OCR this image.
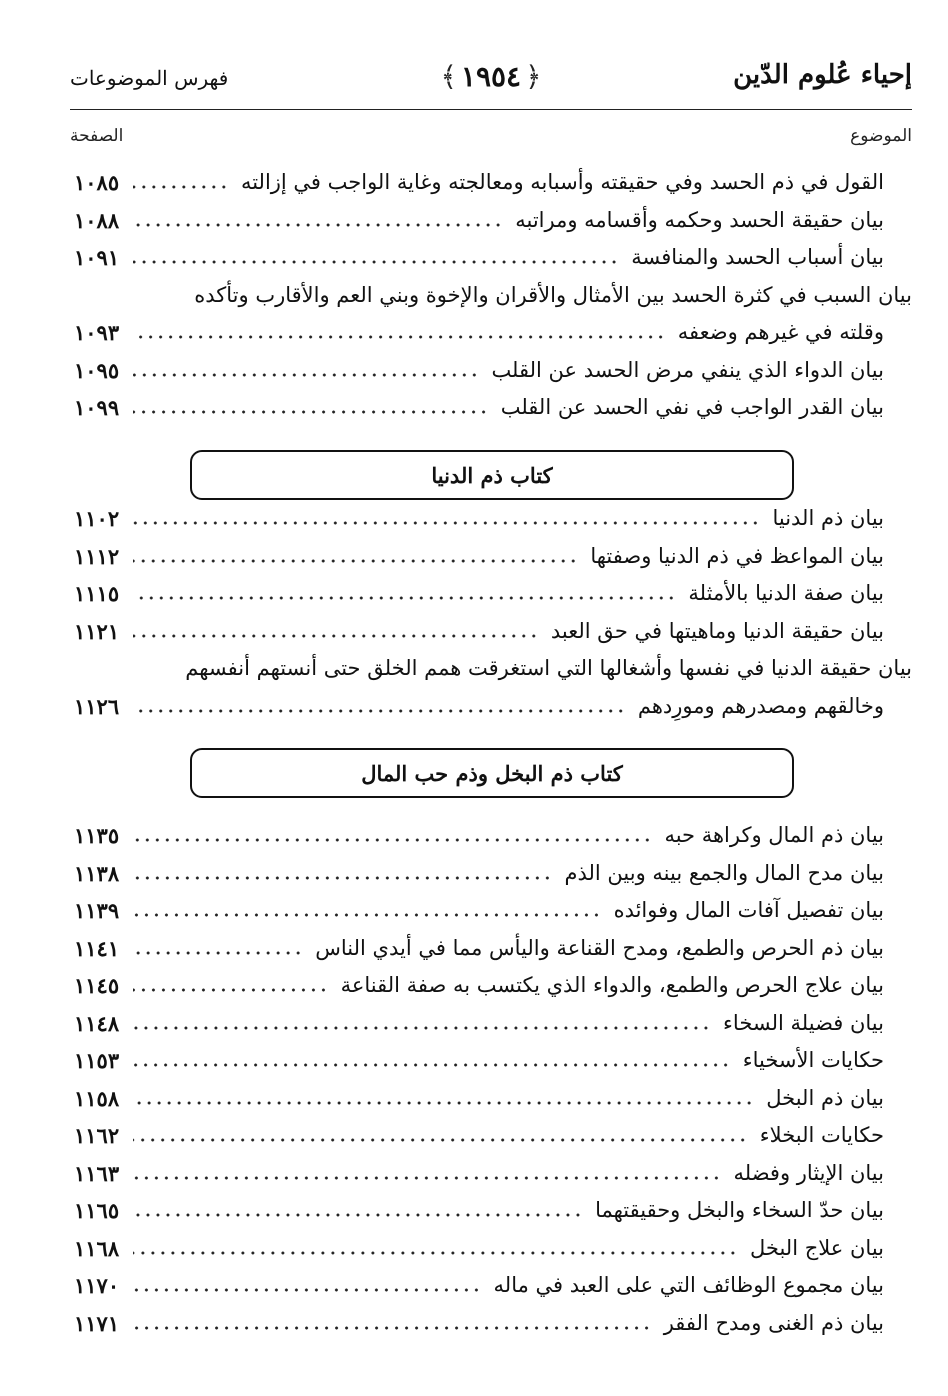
إحياء عُلوم الدّين
﴾ ١٩٥٤ ﴿
فهرس الموضوعات
الموضوع
الصفحة
القول في ذم الحسد وفي حقيقته وأسبابه ومعالجته وغاية الواجب في إزالته
١٠٨٥
بيان حقيقة الحسد وحكمه وأقسامه ومراتبه
١٠٨٨
بيان أسباب الحسد والمنافسة
١٠٩١
بيان السبب في كثرة الحسد بين الأمثال والأقران والإخوة وبني العم والأقارب وتأكده
وقلته في غيرهم وضعفه
١٠٩٣
بيان الدواء الذي ينفي مرض الحسد عن القلب
١٠٩٥
بيان القدر الواجب في نفي الحسد عن القلب
١٠٩٩
كتاب ذم الدنيا
بيان ذم الدنيا
١١٠٢
بيان المواعظ في ذم الدنيا وصفتها
١١١٢
بيان صفة الدنيا بالأمثلة
١١١٥
بيان حقيقة الدنيا وماهيتها في حق العبد
١١٢١
بيان حقيقة الدنيا في نفسها وأشغالها التي استغرقت همم الخلق حتى أنستهم أنفسهم
وخالقهم ومصدرهم ومورِدهم
١١٢٦
كتاب ذم البخل وذم حب المال
بيان ذم المال وكراهة حبه
١١٣٥
بيان مدح المال والجمع بينه وبين الذم
١١٣٨
بيان تفصيل آفات المال وفوائده
١١٣٩
بيان ذم الحرص والطمع، ومدح القناعة واليأس مما في أيدي الناس
١١٤١
بيان علاج الحرص والطمع، والدواء الذي يكتسب به صفة القناعة
١١٤٥
بيان فضيلة السخاء
١١٤٨
حكايات الأسخياء
١١٥٣
بيان ذم البخل
١١٥٨
حكايات البخلاء
١١٦٢
بيان الإيثار وفضله
١١٦٣
بيان حدّ السخاء والبخل وحقيقتهما
١١٦٥
بيان علاج البخل
١١٦٨
بيان مجموع الوظائف التي على العبد في ماله
١١٧٠
بيان ذم الغنى ومدح الفقر
١١٧١
